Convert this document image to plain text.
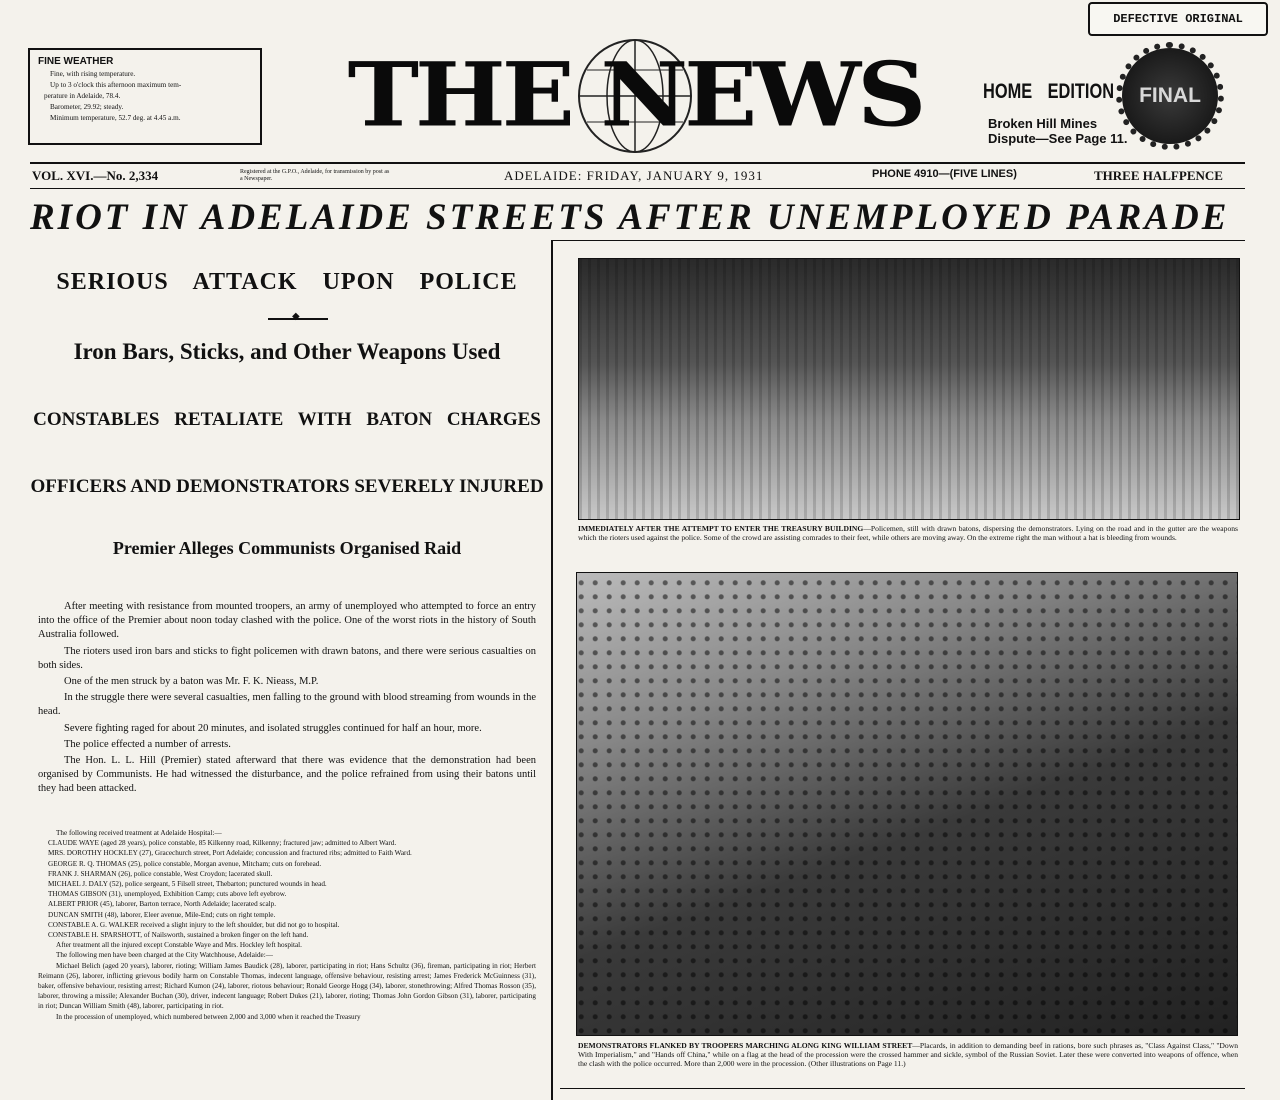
DEFECTIVE ORIGINAL
FINE WEATHER
Fine, with rising temperature.
Up to 3 o'clock this afternoon maximum tem-
perature in Adelaide, 78.4.
Barometer, 29.92; steady.
Minimum temperature, 52.7 deg. at 4.45 a.m.	THE NEWS	HOME EDITION	FINAL
Broken Hill Mines
Dispute—See Page 11.
VOL. XVI.—No. 2,334	Registered at the G.P.O., Adelaide, for transmission by post as a Newspaper.	ADELAIDE: FRIDAY, JANUARY 9, 1931	PHONE 4910—(FIVE LINES)	THREE HALFPENCE
RIOT IN ADELAIDE STREETS AFTER UNEMPLOYED PARADE
SERIOUS ATTACK UPON POLICE
◆
Iron Bars, Sticks, and Other Weapons Used
CONSTABLES RETALIATE WITH BATON CHARGES
OFFICERS AND DEMONSTRATORS SEVERELY INJURED
Premier Alleges Communists Organised Raid

After meeting with resistance from mounted troopers, an army of unemployed who attempted to force an entry into the office of the Premier about noon today clashed with the police. One of the worst riots in the history of South Australia followed.

The rioters used iron bars and sticks to fight policemen with drawn batons, and there were serious casualties on both sides.

One of the men struck by a baton was Mr. F. K. Nieass, M.P.

In the struggle there were several casualties, men falling to the ground with blood streaming from wounds in the head.

Severe fighting raged for about 20 minutes, and isolated struggles continued for half an hour, more.

The police effected a number of arrests.

The Hon. L. L. Hill (Premier) stated afterward that there was evidence that the demonstration had been organised by Communists. He had witnessed the disturbance, and the police refrained from using their batons until they had been attacked.

The following received treatment at Adelaide Hospital:—
CLAUDE WAYE (aged 28 years), police constable, 85 Kilkenny road, Kilkenny; fractured jaw; admitted to Albert Ward.
MRS. DOROTHY HOCKLEY (27), Gracechurch street, Port Adelaide; concussion and fractured ribs; admitted to Faith Ward.
GEORGE R. Q. THOMAS (25), police constable, Morgan avenue, Mitcham; cuts on forehead.
FRANK J. SHARMAN (26), police constable, West Croydon; lacerated skull.
MICHAEL J. DALY (52), police sergeant, 5 Filsell street, Thebarton; punctured wounds in head.
THOMAS GIBSON (31), unemployed, Exhibition Camp; cuts above left eyebrow.
ALBERT PRIOR (45), laborer, Barton terrace, North Adelaide; lacerated scalp.
DUNCAN SMITH (48), laborer, Eleer avenue, Mile-End; cuts on right temple.
CONSTABLE A. G. WALKER received a slight injury to the left shoulder, but did not go to hospital.
CONSTABLE H. SPARSHOTT, of Nailsworth, sustained a broken finger on the left hand.
After treatment all the injured except Constable Waye and Mrs. Hockley left hospital.
The following men have been charged at the City Watchhouse, Adelaide:—
Michael Belich (aged 20 years), laborer, rioting; William James Baudick (28), laborer, participating in riot; Hans Schultz (36), fireman, participating in riot; Herbert Reimann (26), laborer, inflicting grievous bodily harm on Constable Thomas, indecent language, offensive behaviour, resisting arrest; James Frederick McGuinness (31), baker, offensive behaviour, resisting arrest; Richard Kumon (24), laborer, riotous behaviour; Ronald George Hogg (34), laborer, stonethrowing; Alfred Thomas Rosson (35), laborer, throwing a missile; Alexander Buchan (30), driver, indecent language; Robert Dukes (21), laborer, rioting; Thomas John Gordon Gibson (31), laborer, participating in riot; Duncan William Smith (48), laborer, participating in riot.
In the procession of unemployed, which numbered between 2,000 and 3,000 when it reached the Treasury
IMMEDIATELY AFTER THE ATTEMPT TO ENTER THE TREASURY BUILDING—Policemen, still with drawn batons, dispersing the demonstrators. Lying on the road and in the gutter are the weapons which the rioters used against the police. Some of the crowd are assisting comrades to their feet, while others are moving away. On the extreme right the man without a hat is bleeding from wounds.
DEMONSTRATORS FLANKED BY TROOPERS MARCHING ALONG KING WILLIAM STREET—Placards, in addition to demanding beef in rations, bore such phrases as, "Class Against Class," "Down With Imperialism," and "Hands off China," while on a flag at the head of the procession were the crossed hammer and sickle, symbol of the Russian Soviet. Later these were converted into weapons of offence, when the clash with the police occurred. More than 2,000 were in the procession. (Other illustrations on Page 11.)
